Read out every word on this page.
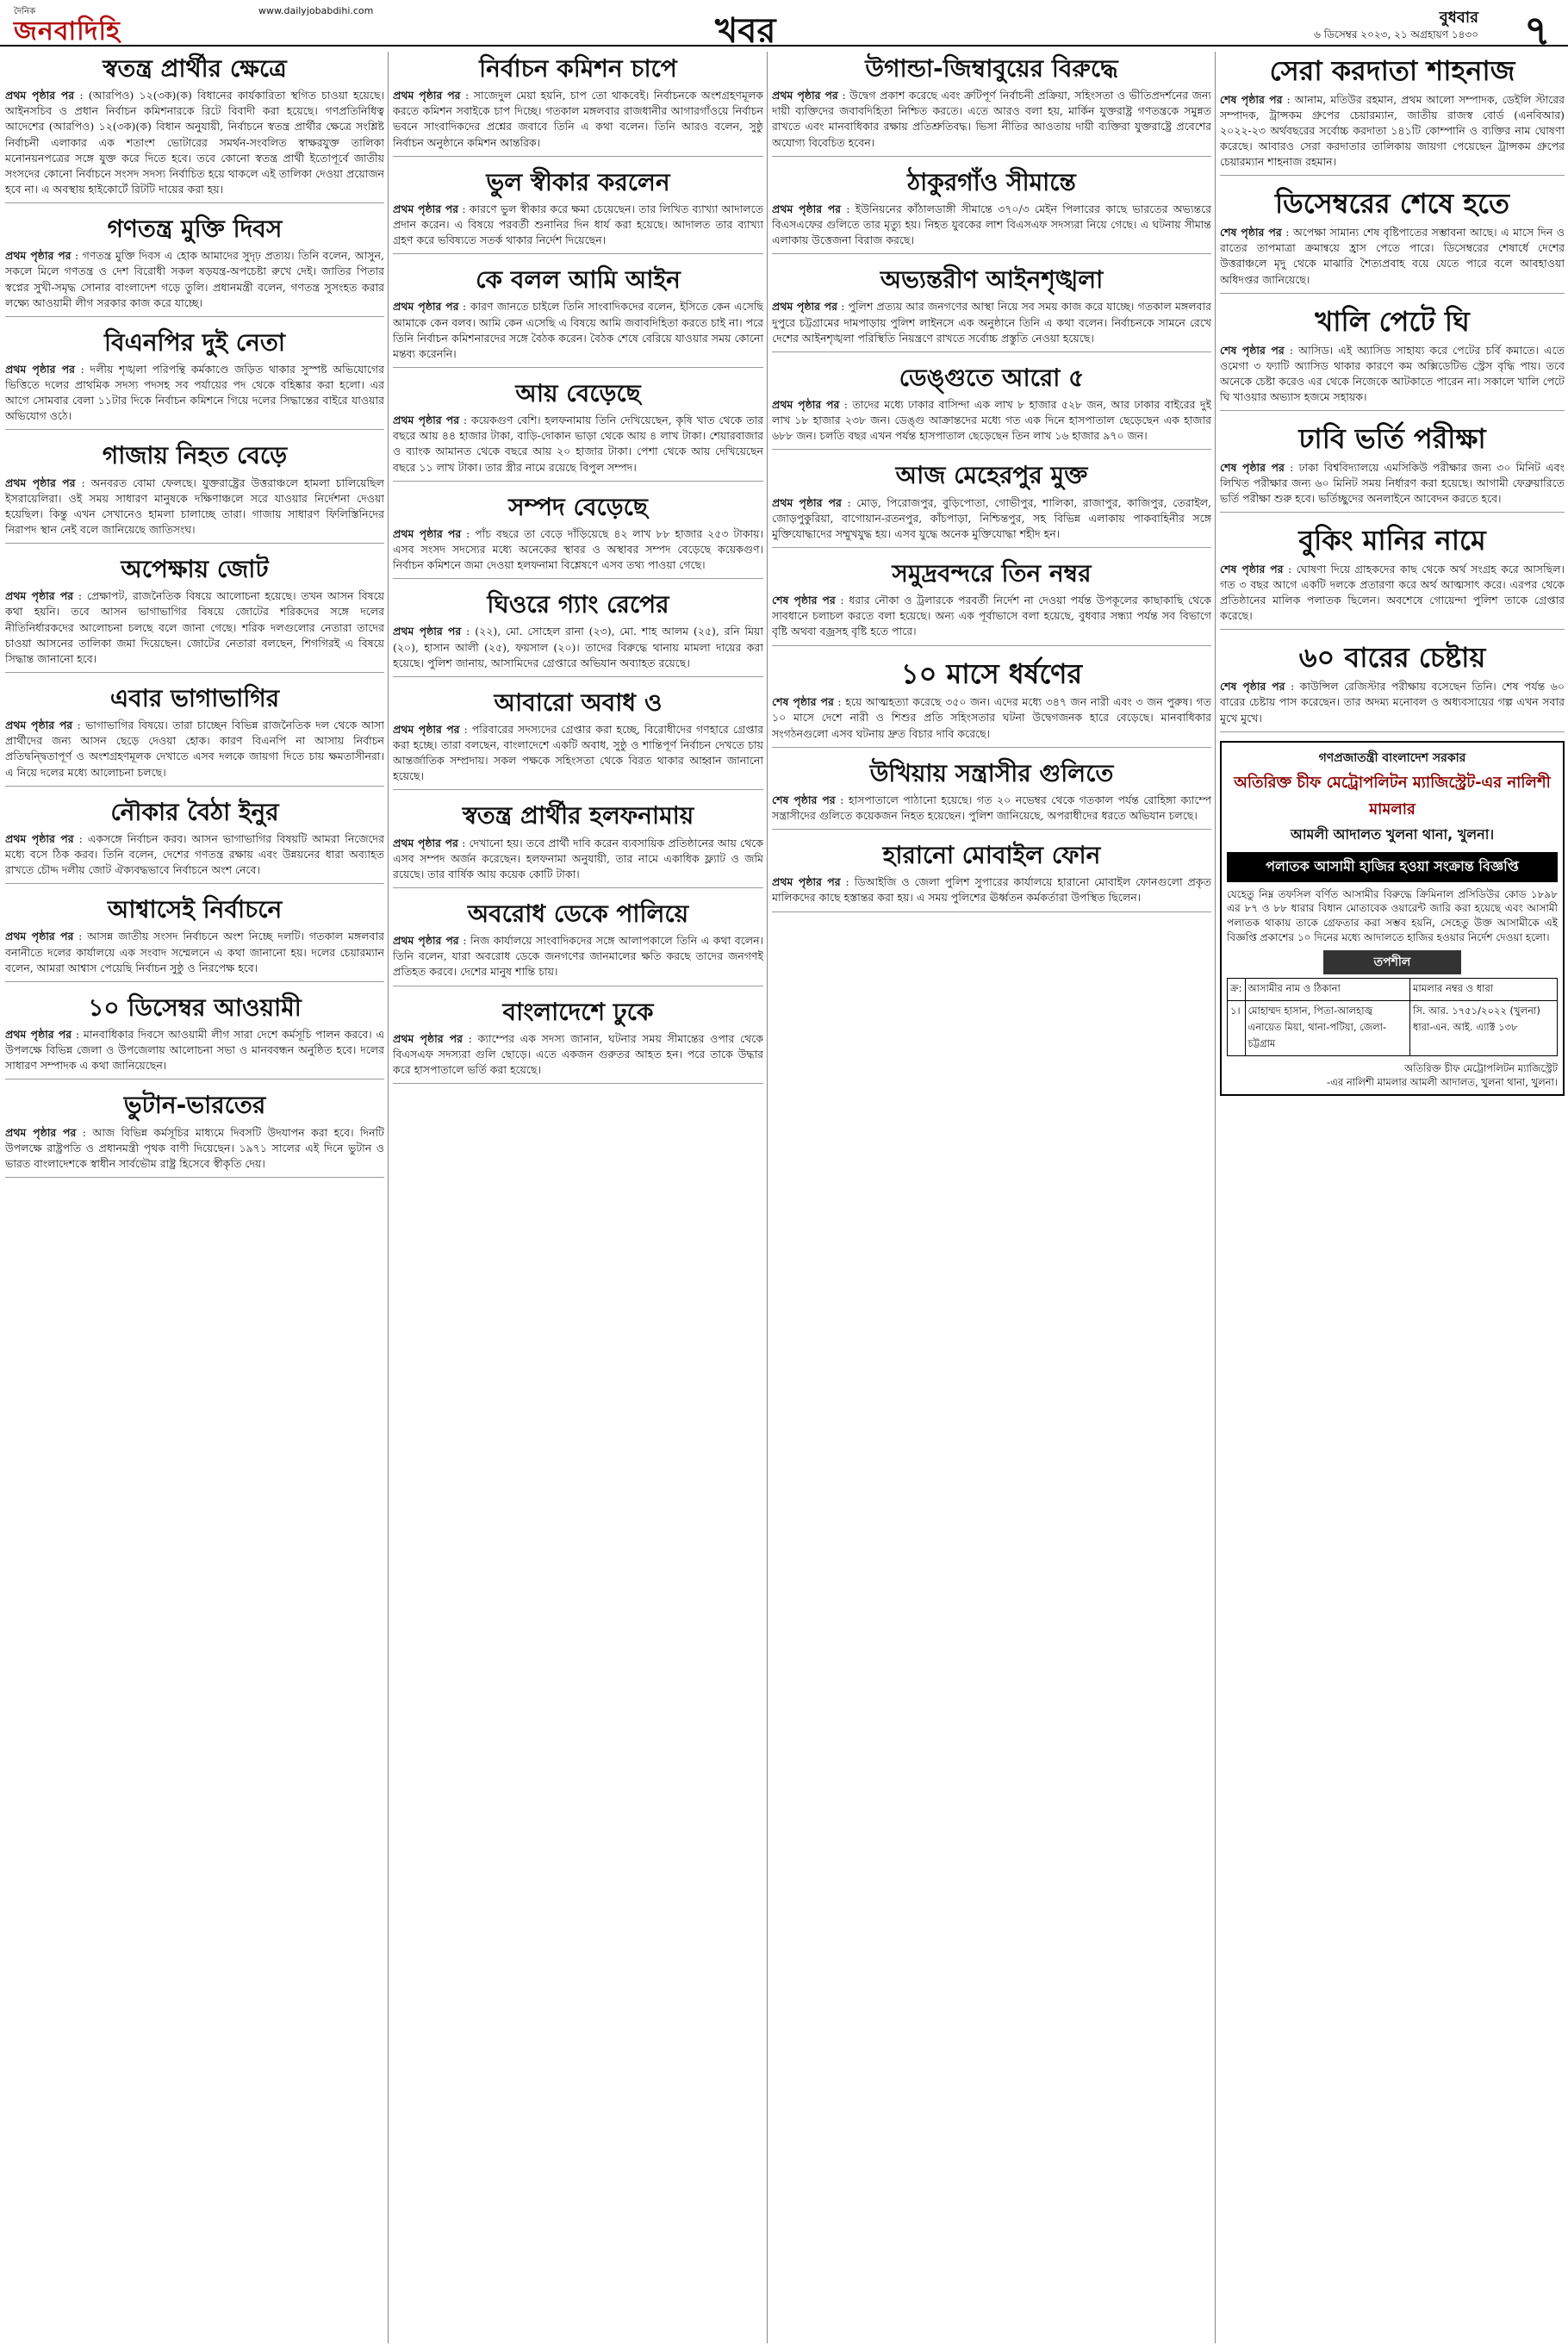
দৈনিক
জনবাদিহি
www.dailyjobabdihi.com
খবর	বুধবার
৬ ডিসেম্বর ২০২৩, ২১ অগ্রহায়ণ ১৪৩০ ৭
স্বতন্ত্র প্রার্থীর ক্ষেত্রে

প্রথম পৃষ্ঠার পর : (আরপিও) ১২(৩ক)(ক) বিধানের কার্যকারিতা স্থগিত চাওয়া হয়েছে। আইনসচিব ও প্রধান নির্বাচন কমিশনারকে রিটে বিবাদী করা হয়েছে। গণপ্রতিনিধিত্ব আদেশের (আরপিও) ১২(৩ক)(ক) বিধান অনুযায়ী, নির্বাচনে স্বতন্ত্র প্রার্থীর ক্ষেত্রে সংশ্লিষ্ট নির্বাচনী এলাকার এক শতাংশ ভোটারের সমর্থন-সংবলিত স্বাক্ষরযুক্ত তালিকা মনোনয়নপত্রের সঙ্গে যুক্ত করে দিতে হবে। তবে কোনো স্বতন্ত্র প্রার্থী ইতোপূর্বে জাতীয় সংসদের কোনো নির্বাচনে সংসদ সদস্য নির্বাচিত হয়ে থাকলে এই তালিকা দেওয়া প্রয়োজন হবে না। এ অবস্থায় হাইকোর্টে রিটটি দায়ের করা হয়।

গণতন্ত্র মুক্তি দিবস

প্রথম পৃষ্ঠার পর : গণতন্ত্র মুক্তি দিবস এ হোক আমাদের সুদৃঢ় প্রত্যয়। তিনি বলেন, আসুন, সকলে মিলে গণতন্ত্র ও দেশ বিরোধী সকল ষড়যন্ত্র-অপচেষ্টা রুখে দেই। জাতির পিতার স্বপ্নের সুখী-সমৃদ্ধ সোনার বাংলাদেশ গড়ে তুলি। প্রধানমন্ত্রী বলেন, গণতন্ত্র সুসংহত করার লক্ষ্যে আওয়ামী লীগ সরকার কাজ করে যাচ্ছে।

বিএনপির দুই নেতা

প্রথম পৃষ্ঠার পর : দলীয় শৃঙ্খলা পরিপন্থি কর্মকাণ্ডে জড়িত থাকার সুস্পষ্ট অভিযোগের ভিত্তিতে দলের প্রাথমিক সদস্য পদসহ সব পর্যায়ের পদ থেকে বহিষ্কার করা হলো। এর আগে সোমবার বেলা ১১টার দিকে নির্বাচন কমিশনে গিয়ে দলের সিদ্ধান্তের বাইরে যাওয়ার অভিযোগ ওঠে।

গাজায় নিহত বেড়ে

প্রথম পৃষ্ঠার পর : অনবরত বোমা ফেলছে। যুক্তরাষ্ট্রের উত্তরাঞ্চলে হামলা চালিয়েছিল ইসরায়েলিরা। ওই সময় সাধারণ মানুষকে দক্ষিণাঞ্চলে সরে যাওয়ার নির্দেশনা দেওয়া হয়েছিল। কিন্তু এখন সেখানেও হামলা চালাচ্ছে তারা। গাজায় সাধারণ ফিলিস্তিনিদের নিরাপদ স্থান নেই বলে জানিয়েছে জাতিসংঘ।

অপেক্ষায় জোট

প্রথম পৃষ্ঠার পর : প্রেক্ষাপট, রাজনৈতিক বিষয়ে আলোচনা হয়েছে। তখন আসন বিষয়ে কথা হয়নি। তবে আসন ভাগাভাগির বিষয়ে জোটের শরিকদের সঙ্গে দলের নীতিনির্ধারকদের আলোচনা চলছে বলে জানা গেছে। শরিক দলগুলোর নেতারা তাদের চাওয়া আসনের তালিকা জমা দিয়েছেন। জোটের নেতারা বলছেন, শিগগিরই এ বিষয়ে সিদ্ধান্ত জানানো হবে।

এবার ভাগাভাগির

প্রথম পৃষ্ঠার পর : ভাগাভাগির বিষয়ে। তারা চাচ্ছেন বিভিন্ন রাজনৈতিক দল থেকে আসা প্রার্থীদের জন্য আসন ছেড়ে দেওয়া হোক। কারণ বিএনপি না আসায় নির্বাচন প্রতিদ্বন্দ্বিতাপূর্ণ ও অংশগ্রহণমূলক দেখাতে এসব দলকে জায়গা দিতে চায় ক্ষমতাসীনরা। এ নিয়ে দলের মধ্যে আলোচনা চলছে।

নৌকার বৈঠা ইনুর

প্রথম পৃষ্ঠার পর : একসঙ্গে নির্বাচন করব। আসন ভাগাভাগির বিষয়টি আমরা নিজেদের মধ্যে বসে ঠিক করব। তিনি বলেন, দেশের গণতন্ত্র রক্ষায় এবং উন্নয়নের ধারা অব্যাহত রাখতে চৌদ্দ দলীয় জোট ঐক্যবদ্ধভাবে নির্বাচনে অংশ নেবে।

আশ্বাসেই নির্বাচনে

প্রথম পৃষ্ঠার পর : আসন্ন জাতীয় সংসদ নির্বাচনে অংশ নিচ্ছে দলটি। গতকাল মঙ্গলবার বনানীতে দলের কার্যালয়ে এক সংবাদ সম্মেলনে এ কথা জানানো হয়। দলের চেয়ারম্যান বলেন, আমরা আশ্বাস পেয়েছি নির্বাচন সুষ্ঠু ও নিরপেক্ষ হবে।

১০ ডিসেম্বর আওয়ামী

প্রথম পৃষ্ঠার পর : মানবাধিকার দিবসে আওয়ামী লীগ সারা দেশে কর্মসূচি পালন করবে। এ উপলক্ষে বিভিন্ন জেলা ও উপজেলায় আলোচনা সভা ও মানববন্ধন অনুষ্ঠিত হবে। দলের সাধারণ সম্পাদক এ কথা জানিয়েছেন।

ভুটান-ভারতের

প্রথম পৃষ্ঠার পর : আজ বিভিন্ন কর্মসূচির মাধ্যমে দিবসটি উদযাপন করা হবে। দিনটি উপলক্ষে রাষ্ট্রপতি ও প্রধানমন্ত্রী পৃথক বাণী দিয়েছেন। ১৯৭১ সালের এই দিনে ভুটান ও ভারত বাংলাদেশকে স্বাধীন সার্বভৌম রাষ্ট্র হিসেবে স্বীকৃতি দেয়।

নির্বাচন কমিশন চাপে

প্রথম পৃষ্ঠার পর : সাজেদুল মেয়া হয়নি, চাপ তো থাকবেই। নির্বাচনকে অংশগ্রহণমূলক করতে কমিশন সবাইকে চাপ দিচ্ছে। গতকাল মঙ্গলবার রাজধানীর আগারগাঁওয়ে নির্বাচন ভবনে সাংবাদিকদের প্রশ্নের জবাবে তিনি এ কথা বলেন। তিনি আরও বলেন, সুষ্ঠু নির্বাচন অনুষ্ঠানে কমিশন আন্তরিক।

ভুল স্বীকার করলেন

প্রথম পৃষ্ঠার পর : কারণে ভুল স্বীকার করে ক্ষমা চেয়েছেন। তার লিখিত ব্যাখ্যা আদালতে প্রদান করেন। এ বিষয়ে পরবর্তী শুনানির দিন ধার্য করা হয়েছে। আদালত তার ব্যাখ্যা গ্রহণ করে ভবিষ্যতে সতর্ক থাকার নির্দেশ দিয়েছেন।

কে বলল আমি আইন

প্রথম পৃষ্ঠার পর : কারণ জানতে চাইলে তিনি সাংবাদিকদের বলেন, ইসিতে কেন এসেছি আমাকে কেন বলব। আমি কেন এসেছি এ বিষয়ে আমি জবাবদিহিতা করতে চাই না। পরে তিনি নির্বাচন কমিশনারদের সঙ্গে বৈঠক করেন। বৈঠক শেষে বেরিয়ে যাওয়ার সময় কোনো মন্তব্য করেননি।

আয় বেড়েছে

প্রথম পৃষ্ঠার পর : কয়েকগুণ বেশি। হলফনামায় তিনি দেখিয়েছেন, কৃষি খাত থেকে তার বছরে আয় ৪৪ হাজার টাকা, বাড়ি-দোকান ভাড়া থেকে আয় ৪ লাখ টাকা। শেয়ারবাজার ও ব্যাংক আমানত থেকে বছরে আয় ২০ হাজার টাকা। পেশা থেকে আয় দেখিয়েছেন বছরে ১১ লাখ টাকা। তার স্ত্রীর নামে রয়েছে বিপুল সম্পদ।

সম্পদ বেড়েছে

প্রথম পৃষ্ঠার পর : পাঁচ বছরে তা বেড়ে দাঁড়িয়েছে ৪২ লাখ ৮৮ হাজার ২৫৩ টাকায়। এসব সংসদ সদস্যের মধ্যে অনেকের স্থাবর ও অস্থাবর সম্পদ বেড়েছে কয়েকগুণ। নির্বাচন কমিশনে জমা দেওয়া হলফনামা বিশ্লেষণে এসব তথ্য পাওয়া গেছে।

ঘিওরে গ্যাং রেপের

প্রথম পৃষ্ঠার পর : (২২), মো. সোহেল রানা (২৩), মো. শাহ আলম (২৫), রনি মিয়া (২০), হাসান আলী (২৫), ফয়সাল (২০)। তাদের বিরুদ্ধে থানায় মামলা দায়ের করা হয়েছে। পুলিশ জানায়, আসামিদের গ্রেপ্তারে অভিযান অব্যাহত রয়েছে।

আবারো অবাধ ও

প্রথম পৃষ্ঠার পর : পরিবারের সদস্যদের গ্রেপ্তার করা হচ্ছে, বিরোধীদের গণহারে গ্রেপ্তার করা হচ্ছে। তারা বলছেন, বাংলাদেশে একটি অবাধ, সুষ্ঠু ও শান্তিপূর্ণ নির্বাচন দেখতে চায় আন্তর্জাতিক সম্প্রদায়। সকল পক্ষকে সহিংসতা থেকে বিরত থাকার আহ্বান জানানো হয়েছে।

স্বতন্ত্র প্রার্থীর হলফনামায়

প্রথম পৃষ্ঠার পর : দেখানো হয়। তবে প্রার্থী দাবি করেন ব্যবসায়িক প্রতিষ্ঠানের আয় থেকে এসব সম্পদ অর্জন করেছেন। হলফনামা অনুযায়ী, তার নামে একাধিক ফ্ল্যাট ও জমি রয়েছে। তার বার্ষিক আয় কয়েক কোটি টাকা।

অবরোধ ডেকে পালিয়ে

প্রথম পৃষ্ঠার পর : নিজ কার্যালয়ে সাংবাদিকদের সঙ্গে আলাপকালে তিনি এ কথা বলেন। তিনি বলেন, যারা অবরোধ ডেকে জনগণের জানমালের ক্ষতি করছে তাদের জনগণই প্রতিহত করবে। দেশের মানুষ শান্তি চায়।

বাংলাদেশে ঢুকে

প্রথম পৃষ্ঠার পর : ক্যাম্পের এক সদস্য জানান, ঘটনার সময় সীমান্তের ওপার থেকে বিএসএফ সদস্যরা গুলি ছোড়ে। এতে একজন গুরুতর আহত হন। পরে তাকে উদ্ধার করে হাসপাতালে ভর্তি করা হয়েছে।

উগান্ডা-জিম্বাবুয়ের বিরুদ্ধে

প্রথম পৃষ্ঠার পর : উদ্বেগ প্রকাশ করেছে এবং ক্রটিপূর্ণ নির্বাচনী প্রক্রিয়া, সহিংসতা ও ভীতিপ্রদর্শনের জন্য দায়ী ব্যক্তিদের জবাবদিহিতা নিশ্চিত করতে। এতে আরও বলা হয়, মার্কিন যুক্তরাষ্ট্র গণতন্ত্রকে সমুন্নত রাখতে এবং মানবাধিকার রক্ষায় প্রতিশ্রুতিবদ্ধ। ভিসা নীতির আওতায় দায়ী ব্যক্তিরা যুক্তরাষ্ট্রে প্রবেশের অযোগ্য বিবেচিত হবেন।

ঠাকুরগাঁও সীমান্তে

প্রথম পৃষ্ঠার পর : ইউনিয়নের কাঁঠালডাঙ্গী সীমান্তে ৩৭০/৩ মেইন পিলারের কাছে ভারতের অভ্যন্তরে বিএসএফের গুলিতে তার মৃত্যু হয়। নিহত যুবকের লাশ বিএসএফ সদস্যরা নিয়ে গেছে। এ ঘটনায় সীমান্ত এলাকায় উত্তেজনা বিরাজ করছে।

অভ্যন্তরীণ আইনশৃঙ্খলা

প্রথম পৃষ্ঠার পর : পুলিশ প্রত্যয় আর জনগণের আস্থা নিয়ে সব সময় কাজ করে যাচ্ছে। গতকাল মঙ্গলবার দুপুরে চট্টগ্রামের দামপাড়ায় পুলিশ লাইনসে এক অনুষ্ঠানে তিনি এ কথা বলেন। নির্বাচনকে সামনে রেখে দেশের আইনশৃঙ্খলা পরিস্থিতি নিয়ন্ত্রণে রাখতে সর্বোচ্চ প্রস্তুতি নেওয়া হয়েছে।

ডেঙ্গুতে আরো ৫

প্রথম পৃষ্ঠার পর : তাদের মধ্যে ঢাকার বাসিন্দা এক লাখ ৮ হাজার ৫২৮ জন, আর ঢাকার বাইরের দুই লাখ ১৮ হাজার ২৩৮ জন। ডেঙ্গু আক্রান্তদের মধ্যে গত এক দিনে হাসপাতাল ছেড়েছেন এক হাজার ৬৮৮ জন। চলতি বছর এখন পর্যন্ত হাসপাতাল ছেড়েছেন তিন লাখ ১৬ হাজার ৯৭০ জন।

আজ মেহেরপুর মুক্ত

প্রথম পৃষ্ঠার পর : মোড়, পিরোজপুর, বুড়িপোতা, গোভীপুর, শালিকা, রাজাপুর, কাজিপুর, তেরাইল, জোড়পুকুরিয়া, বাগোয়ান-রতনপুর, কাঁচপাড়া, নিশ্চিন্তপুর, সহ বিভিন্ন এলাকায় পাকবাহিনীর সঙ্গে মুক্তিযোদ্ধাদের সম্মুখযুদ্ধ হয়। এসব যুদ্ধে অনেক মুক্তিযোদ্ধা শহীদ হন।

সমুদ্রবন্দরে তিন নম্বর

শেষ পৃষ্ঠার পর : ধরার নৌকা ও ট্রলারকে পরবর্তী নির্দেশ না দেওয়া পর্যন্ত উপকূলের কাছাকাছি থেকে সাবধানে চলাচল করতে বলা হয়েছে। অন্য এক পূর্বাভাসে বলা হয়েছে, বুধবার সন্ধ্যা পর্যন্ত সব বিভাগে বৃষ্টি অথবা বজ্রসহ বৃষ্টি হতে পারে।

১০ মাসে ধর্ষণের

শেষ পৃষ্ঠার পর : হয়ে আত্মহত্যা করেছে ৩৫০ জন। এদের মধ্যে ৩৪৭ জন নারী এবং ৩ জন পুরুষ। গত ১০ মাসে দেশে নারী ও শিশুর প্রতি সহিংসতার ঘটনা উদ্বেগজনক হারে বেড়েছে। মানবাধিকার সংগঠনগুলো এসব ঘটনায় দ্রুত বিচার দাবি করেছে।

উখিয়ায় সন্ত্রাসীর গুলিতে

শেষ পৃষ্ঠার পর : হাসপাতালে পাঠানো হয়েছে। গত ২০ নভেম্বর থেকে গতকাল পর্যন্ত রোহিঙ্গা ক্যাম্পে সন্ত্রাসীদের গুলিতে কয়েকজন নিহত হয়েছেন। পুলিশ জানিয়েছে, অপরাধীদের ধরতে অভিযান চলছে।

হারানো মোবাইল ফোন

প্রথম পৃষ্ঠার পর : ডিআইজি ও জেলা পুলিশ সুপারের কার্যালয়ে হারানো মোবাইল ফোনগুলো প্রকৃত মালিকদের কাছে হস্তান্তর করা হয়। এ সময় পুলিশের ঊর্ধ্বতন কর্মকর্তারা উপস্থিত ছিলেন।

সেরা করদাতা শাহনাজ

শেষ পৃষ্ঠার পর : আনাম, মতিউর রহমান, প্রথম আলো সম্পাদক, ডেইলি স্টারের সম্পাদক, ট্রান্সকম গ্রুপের চেয়ারম্যান, জাতীয় রাজস্ব বোর্ড (এনবিআর) ২০২২-২৩ অর্থবছরের সর্বোচ্চ করদাতা ১৪১টি কোম্পানি ও ব্যক্তির নাম ঘোষণা করেছে। আবারও সেরা করদাতার তালিকায় জায়গা পেয়েছেন ট্রান্সকম গ্রুপের চেয়ারম্যান শাহনাজ রহমান।

ডিসেম্বরের শেষে হতে

শেষ পৃষ্ঠার পর : অপেক্ষা সামান্য শেষ বৃষ্টিপাতের সম্ভাবনা আছে। এ মাসে দিন ও রাতের তাপমাত্রা ক্রমান্বয়ে হ্রাস পেতে পারে। ডিসেম্বরের শেষার্ধে দেশের উত্তরাঞ্চলে মৃদু থেকে মাঝারি শৈত্যপ্রবাহ বয়ে যেতে পারে বলে আবহাওয়া অধিদপ্তর জানিয়েছে।

খালি পেটে ঘি

শেষ পৃষ্ঠার পর : আসিড। এই অ্যাসিড সাহায্য করে পেটের চর্বি কমাতে। এতে ওমেগা ৩ ফ্যাটি অ্যাসিড থাকার কারণে কম অক্সিডেটিভ স্ট্রেস বৃদ্ধি পায়। তবে অনেকে চেষ্টা করেও এর থেকে নিজেকে আটকাতে পারেন না। সকালে খালি পেটে ঘি খাওয়ার অভ্যাস হজমে সহায়ক।

ঢাবি ভর্তি পরীক্ষা

শেষ পৃষ্ঠার পর : ঢাকা বিশ্ববিদ্যালয়ে এমসিকিউ পরীক্ষার জন্য ৩০ মিনিট এবং লিখিত পরীক্ষার জন্য ৬০ মিনিট সময় নির্ধারণ করা হয়েছে। আগামী ফেব্রুয়ারিতে ভর্তি পরীক্ষা শুরু হবে। ভর্তিচ্ছুদের অনলাইনে আবেদন করতে হবে।

বুকিং মানির নামে

শেষ পৃষ্ঠার পর : ঘোষণা দিয়ে গ্রাহকদের কাছ থেকে অর্থ সংগ্রহ করে আসছিল। গত ৩ বছর আগে একটি দলকে প্রতারণা করে অর্থ আত্মসাৎ করে। এরপর থেকে প্রতিষ্ঠানের মালিক পলাতক ছিলেন। অবশেষে গোয়েন্দা পুলিশ তাকে গ্রেপ্তার করেছে।

৬০ বারের চেষ্টায়

শেষ পৃষ্ঠার পর : কাউন্সিল রেজিস্টার পরীক্ষায় বসেছেন তিনি। শেষ পর্যন্ত ৬০ বারের চেষ্টায় পাস করেছেন। তার অদম্য মনোবল ও অধ্যবসায়ের গল্প এখন সবার মুখে মুখে।

গণপ্রজাতন্ত্রী বাংলাদেশ সরকার
অতিরিক্ত চীফ মেট্রোপলিটন ম্যাজিস্ট্রেট-এর নালিশী মামলার
আমলী আদালত খুলনা থানা, খুলনা।
পলাতক আসামী হাজির হওয়া সংক্রান্ত বিজ্ঞপ্তি

যেহেতু নিম্ন তফসিল বর্ণিত আসামীর বিরুদ্ধে ক্রিমিনাল প্রসিডিউর কোড ১৮৯৮ এর ৮৭ ও ৮৮ ধারার বিধান মোতাবেক ওয়ারেন্ট জারি করা হয়েছে এবং আসামী পলাতক থাকায় তাকে গ্রেফতার করা সম্ভব হয়নি, সেহেতু উক্ত আসামীকে এই বিজ্ঞপ্তি প্রকাশের ১০ দিনের মধ্যে আদালতে হাজির হওয়ার নির্দেশ দেওয়া হলো।

তপশীল
ক্র:	আসামীর নাম ও ঠিকানা	মামলার নম্বর ও ধারা
১।	মোহাম্মদ হাসান, পিতা-আলহাজ্ব এনায়েত মিয়া, থানা-পটিয়া, জেলা-চট্টগ্রাম	সি. আর. ১৭৫১/২০২২ (খুলনা) ধারা-এন. আই. এ্যাক্ট ১৩৮
অতিরিক্ত চীফ মেট্রোপলিটন ম্যাজিস্ট্রেট
-এর নালিশী মামলার আমলী আদালত, খুলনা থানা, খুলনা।
